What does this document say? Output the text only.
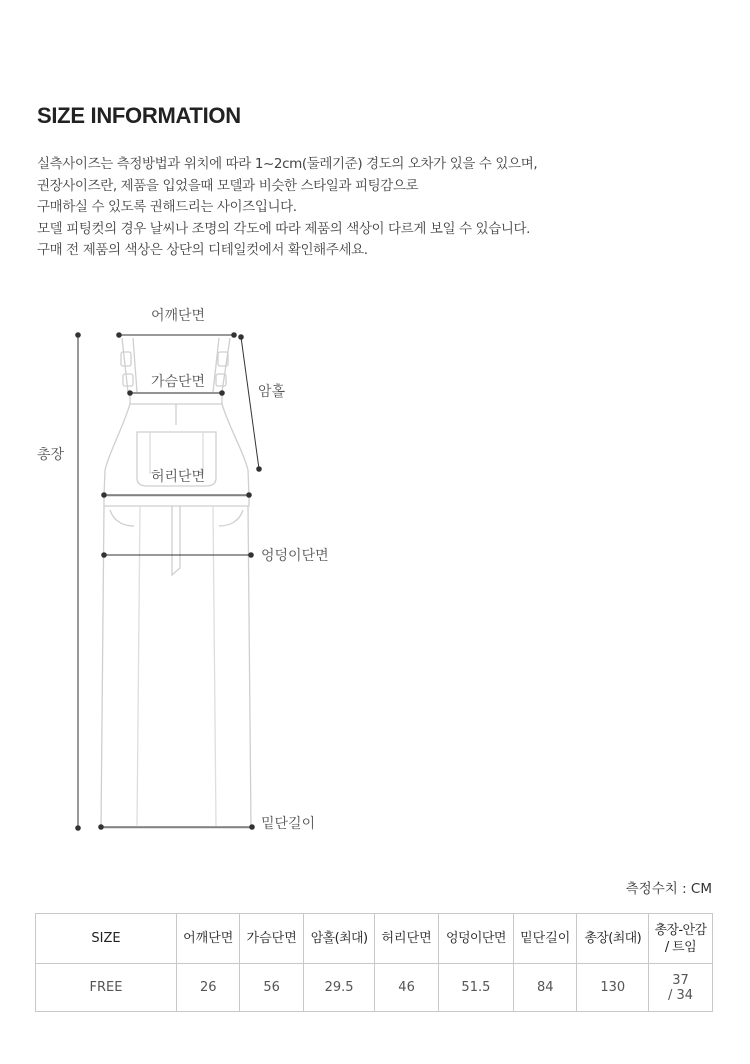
SIZE INFORMATION
실측사이즈는 측정방법과 위치에 따라 1~2cm(둘레기준) 경도의 오차가 있을 수 있으며,
권장사이즈란, 제품을 입었을때 모델과 비슷한 스타일과 피팅감으로
구매하실 수 있도록 권해드리는 사이즈입니다.
모델 피팅컷의 경우 날씨나 조명의 각도에 따라 제품의 색상이 다르게 보일 수 있습니다.
구매 전 제품의 색상은 상단의 디테일컷에서 확인해주세요.
어깨단면
가슴단면
암홀
총장
허리단면
엉덩이단면
밑단길이
측정수치 : CM
SIZE	어깨단면	가슴단면	암홀(최대)	허리단면	엉덩이단면	밑단길이	총장(최대)	총장-안감
/ 트임

FREE	26	56	29.5	46	51.5	84	130	37
/ 34
